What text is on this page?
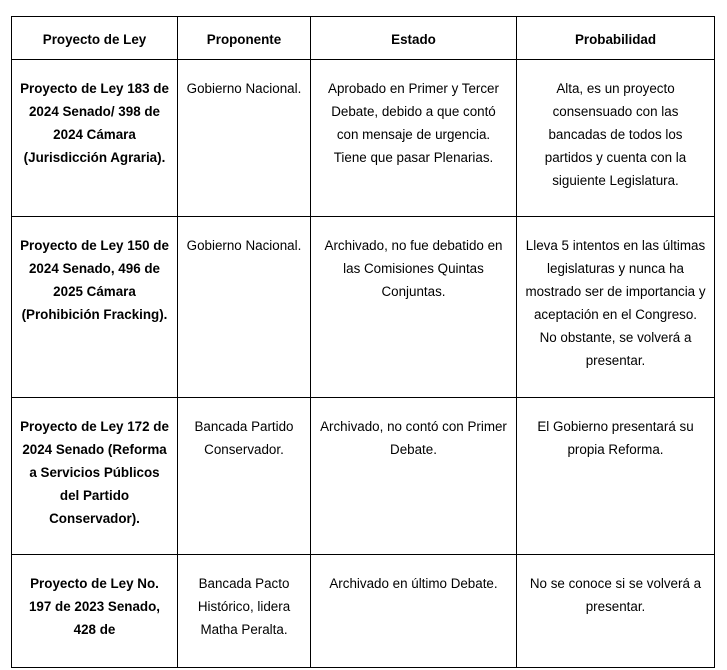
Proyecto de Ley	Proponente	Estado	Probabilidad

Proyecto de Ley 183 de 2024 Senado/ 398 de 2024 Cámara (Jurisdicción Agraria).	Gobierno Nacional.	Aprobado en Primer y Tercer Debate, debido a que contó con mensaje de urgencia. Tiene que pasar Plenarias.	Alta, es un proyecto consensuado con las bancadas de todos los partidos y cuenta con la siguiente Legislatura.

Proyecto de Ley 150 de 2024 Senado, 496 de 2025 Cámara (Prohibición Fracking).	Gobierno Nacional.	Archivado, no fue debatido en las Comisiones Quintas Conjuntas.	Lleva 5 intentos en las últimas legislaturas y nunca ha mostrado ser de importancia y aceptación en el Congreso. No obstante, se volverá a presentar.

Proyecto de Ley 172 de 2024 Senado (Reforma a Servicios Públicos del Partido Conservador).	Bancada Partido Conservador.	Archivado, no contó con Primer Debate.	El Gobierno presentará su propia Reforma.

Proyecto de Ley No. 197 de 2023 Senado, 428 de	Bancada Pacto Histórico, lidera Matha Peralta.	Archivado en último Debate.	No se conoce si se volverá a presentar.
